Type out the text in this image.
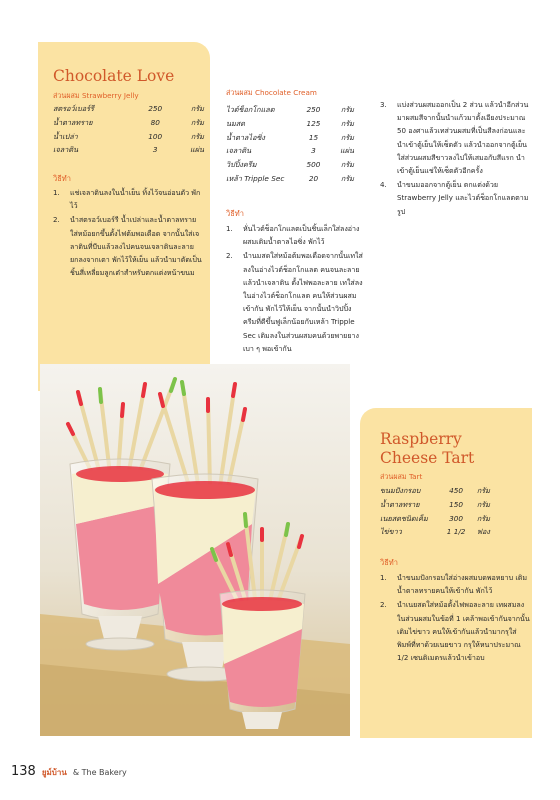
Chocolate Love
ส่วนผสม Strawberry Jelly
สตรอว์เบอร์รี	250	กรัม
น้ำตาลทราย	80	กรัม
น้ำเปล่า	100	กรัม
เจลาติน	3	แผ่น
วิธีทำ
1.	แช่เจลาตินลงในน้ำเย็น ทิ้งไว้จนอ่อนตัว พักไว้
2.	นำสตรอว์เบอร์รี น้ำเปล่าและน้ำตาลทราย ใส่หม้อยกขึ้นตั้งไฟต้มพอเดือด จากนั้นใส่เจลาตินที่บีบแล้วลงไปคนจนเจลาตินละลาย ยกลงจากเตา พักไว้ให้เย็น แล้วนำมาตัดเป็นชิ้นสี่เหลี่ยมลูกเต๋าสำหรับตกแต่งหน้าขนม
ส่วนผสม Chocolate Cream
ไวต์ช็อกโกแลต	250	กรัม
นมสด	125	กรัม
น้ำตาลไอซิ่ง	15	กรัม
เจลาติน	3	แผ่น
วิปปิ้งครีม	500	กรัม
เหล้า Tripple Sec	20	กรัม
วิธีทำ
1.	หั่นไวต์ช็อกโกแลตเป็นชิ้นเล็กใส่ลงอ่างผสมเติมน้ำตาลไอซิ่ง พักไว้
2.	นำนมสดใส่หม้อต้มพอเดือดจากนั้นเทใส่ลงในอ่างไวต์ช็อกโกแลต คนจนละลายแล้วนำเจลาติน ตั้งไฟพอละลาย เทใส่ลงในอ่างไวต์ช็อกโกแลต คนให้ส่วนผสมเข้ากัน พักไว้ให้เย็น จากนั้นนำวิปปิ้งครีมที่ตีขึ้นฟูเล็กน้อยกับเหล้า Tripple Sec เติมลงในส่วนผสมคนด้วยพายยางเบา ๆ พอเข้ากัน
3.	แบ่งส่วนผสมออกเป็น 2 ส่วน แล้วนำอีกส่วนมาผสมสีจากนั้นนำแก้วมาตั้งเอียงประมาณ 50 องศาแล้วเทส่วนผสมที่เป็นสีลงก่อนและนำเข้าตู้เย็นให้เซ็ตตัว แล้วนำออกจากตู้เย็นใส่ส่วนผสมสีขาวลงไปให้เสมอกับสีแรก นำเข้าตู้เย็นแช่ให้เซ็ตตัวอีกครั้ง
4.	นำขนมออกจากตู้เย็น ตกแต่งด้วย Strawberry Jelly และไวต์ช็อกโกแลตตามรูป
Raspberry
Cheese Tart
ส่วนผสม Tart
ขนมปังกรอบ	450	กรัม
น้ำตาลทราย	150	กรัม
เนยสดชนิดเค็ม	300	กรัม
ไข่ขาว	1 1/2	ฟอง
วิธีทำ
1.	นำขนมปังกรอบใส่อ่างผสมบดพอหยาบ เติมน้ำตาลทรายคนให้เข้ากัน พักไว้
2.	นำเนยสดใส่หม้อตั้งไฟพอละลาย เทผสมลงในส่วนผสมในข้อที่ 1 เคล้าพอเข้ากันจากนั้นเติมไข่ขาว คนให้เข้ากันแล้วนำมากรุใส่พิมพ์ที่ทาด้วยเนยขาว กรุให้หนาประมาณ 1/2 เซนติเมตรแล้วนำเข้าอบ
138 ยูม์บ้าน & The Bakery
